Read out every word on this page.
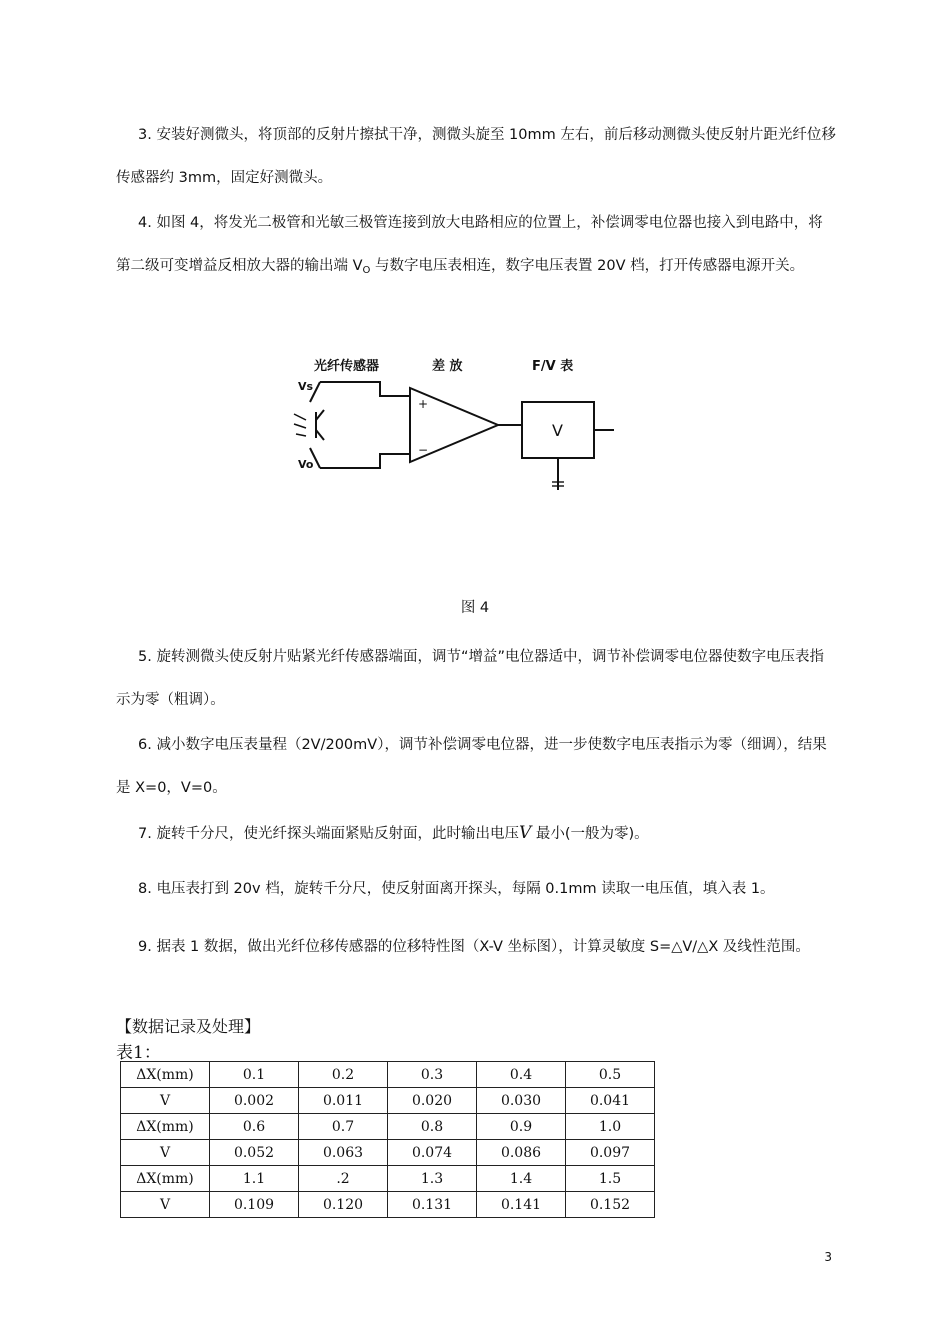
3. 安装好测微头，将顶部的反射片擦拭干净，测微头旋至 10mm 左右，前后移动测微头使反射片距光纤位移传感器约 3mm，固定好测微头。

4. 如图 4，将发光二极管和光敏三极管连接到放大电路相应的位置上，补偿调零电位器也接入到电路中，将第二级可变增益反相放大器的输出端 $V_O$ 与数字电压表相连，数字电压表置 20V 档，打开传感器电源开关。

光纤传感器	差 放	F/V 表
Vs
Vo
+
−
V
图 4

5. 旋转测微头使反射片贴紧光纤传感器端面，调节“增益”电位器适中，调节补偿调零电位器使数字电压表指示为零（粗调）。

6. 减小数字电压表量程（2V/200mV），调节补偿调零电位器，进一步使数字电压表指示为零（细调），结果是 X=0，V=0。

7. 旋转千分尺，使光纤探头端面紧贴反射面，此时输出电压V 最小(一般为零)。

8. 电压表打到 20v 档，旋转千分尺，使反射面离开探头，每隔 0.1mm 读取一电压值，填入表 1。

9. 据表 1 数据，做出光纤位移传感器的位移特性图（X-V 坐标图），计算灵敏度 S=△V/△X 及线性范围。

【数据记录及处理】
表1：
ΔX(mm)	0.1	0.2	0.3	0.4	0.5
V	0.002	0.011	0.020	0.030	0.041
ΔX(mm)	0.6	0.7	0.8	0.9	1.0
V	0.052	0.063	0.074	0.086	0.097
ΔX(mm)	1.1	.2	1.3	1.4	1.5
V	0.109	0.120	0.131	0.141	0.152
3
